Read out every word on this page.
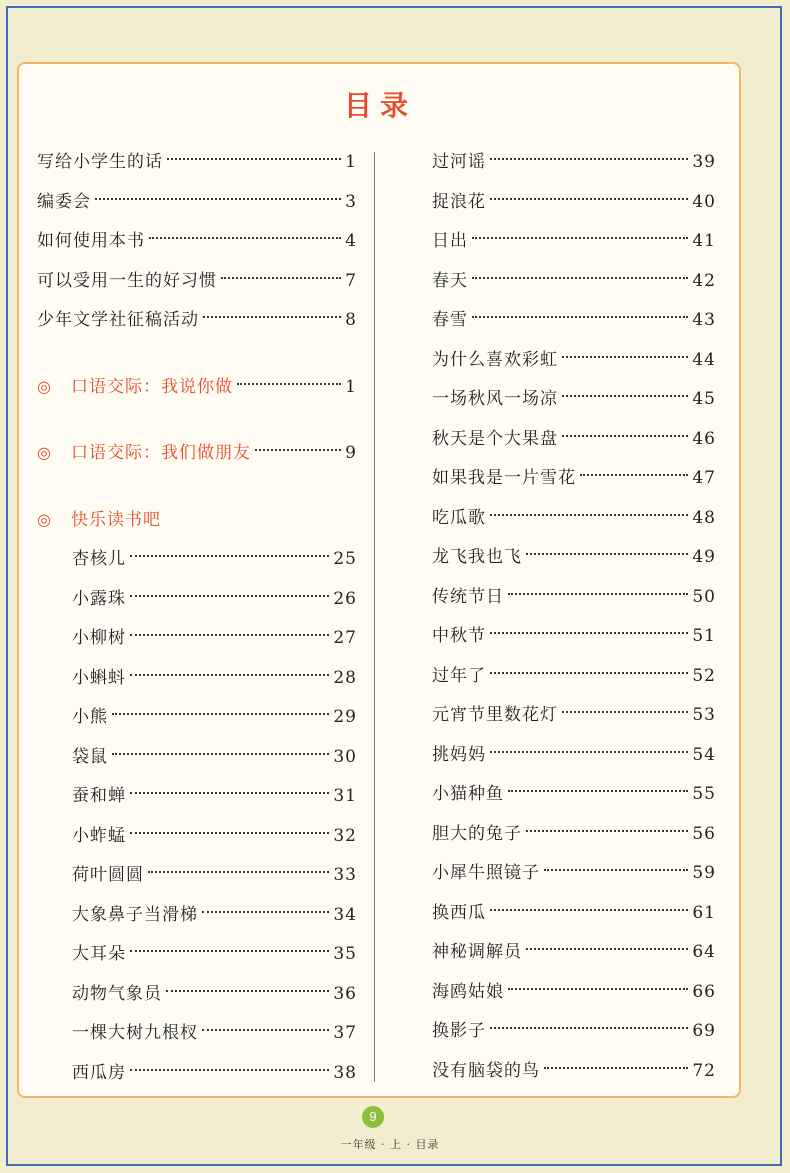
目录
写给小学生的话	1
编委会	3
如何使用本书	4
可以受用一生的好习惯	7
少年文学社征稿活动	8
◎	口语交际：我说你做	1
◎	口语交际：我们做朋友	9
◎	快乐读书吧
杏核儿	25
小露珠	26
小柳树	27
小蝌蚪	28
小熊	29
袋鼠	30
蚕和蝉	31
小蚱蜢	32
荷叶圆圆	33
大象鼻子当滑梯	34
大耳朵	35
动物气象员	36
一棵大树九根杈	37
西瓜房	38
过河谣	39
捉浪花	40
日出	41
春天	42
春雪	43
为什么喜欢彩虹	44
一场秋风一场凉	45
秋天是个大果盘	46
如果我是一片雪花	47
吃瓜歌	48
龙飞我也飞	49
传统节日	50
中秋节	51
过年了	52
元宵节里数花灯	53
挑妈妈	54
小猫种鱼	55
胆大的兔子	56
小犀牛照镜子	59
换西瓜	61
神秘调解员	64
海鸥姑娘	66
换影子	69
没有脑袋的鸟	72
9
一年级 · 上 · 目录
